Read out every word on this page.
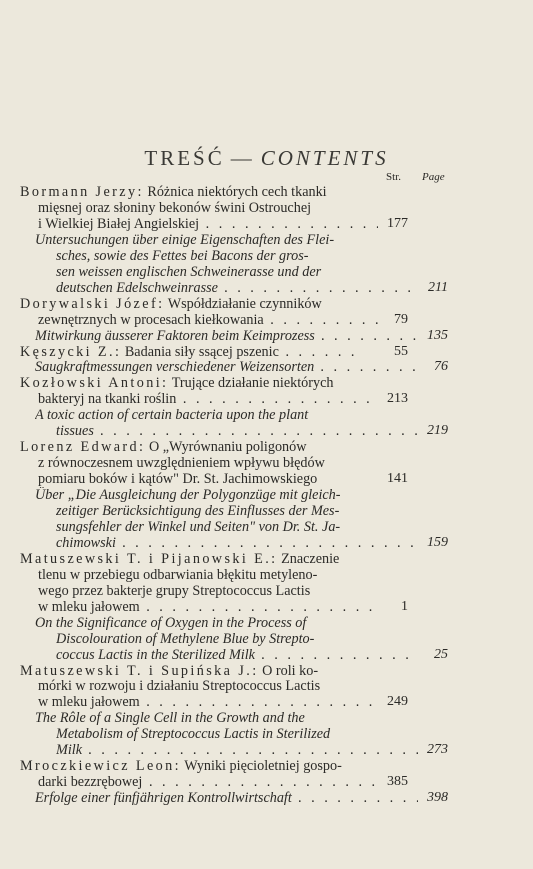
TREŚĆ — CONTENTS
Str. Page
Bormann Jerzy: Różnica niektórych cech tkanki
mięsnej oraz słoniny bekonów świni Ostrouchej
i Wielkiej Białej Angielskiej . . .	177
Untersuchungen über einige Eigenschaften des Flei-
sches, sowie des Fettes bei Bacons der gros-
sen weissen englischen Schweinerasse und der
deutschen Edelschweinrasse . . .	211
Dorywalski Józef: Współdziałanie czynników
zewnętrznych w procesach kiełkowania . . .	79
Mitwirkung äusserer Faktoren beim Keimprozess . . .	135
Kęszycki Z.: Badania siły ssącej pszenic . . .	55
Saugkraftmessungen verschiedener Weizensorten . . .	76
Kozłowski Antoni: Trujące działanie niektórych
bakteryj na tkanki roślin . . .	213
A toxic action of certain bacteria upon the plant
tissues . . .	219
Lorenz Edward: O „Wyrównaniu poligonów
z równoczesnem uwzględnieniem wpływu błędów
pomiaru boków i kątów" Dr. St. Jachimowskiego	141
Über „Die Ausgleichung der Polygonzüge mit gleich-
zeitiger Berücksichtigung des Einflusses der Mes-
sungsfehler der Winkel und Seiten" von Dr. St. Ja-
chimowski . . .	159
Matuszewski T. i Pijanowski E.: Znaczenie
tlenu w przebiegu odbarwiania błękitu metyleno-
wego przez bakterje grupy Streptococcus Lactis
w mleku jałowem . . .	1
On the Significance of Oxygen in the Process of
Discolouration of Methylene Blue by Strepto-
coccus Lactis in the Sterilized Milk . . .	25
Matuszewski T. i Supińska J.: O roli ko-
mórki w rozwoju i działaniu Streptococcus Lactis
w mleku jałowem . . .	249
The Rôle of a Single Cell in the Growth and the
Metabolism of Streptococcus Lactis in Sterilized
Milk . . .	273
Mroczkiewicz Leon: Wyniki pięcioletniej gospo-
darki bezzrębowej . . .	385
Erfolge einer fünfjährigen Kontrollwirtschaft . . .	398
